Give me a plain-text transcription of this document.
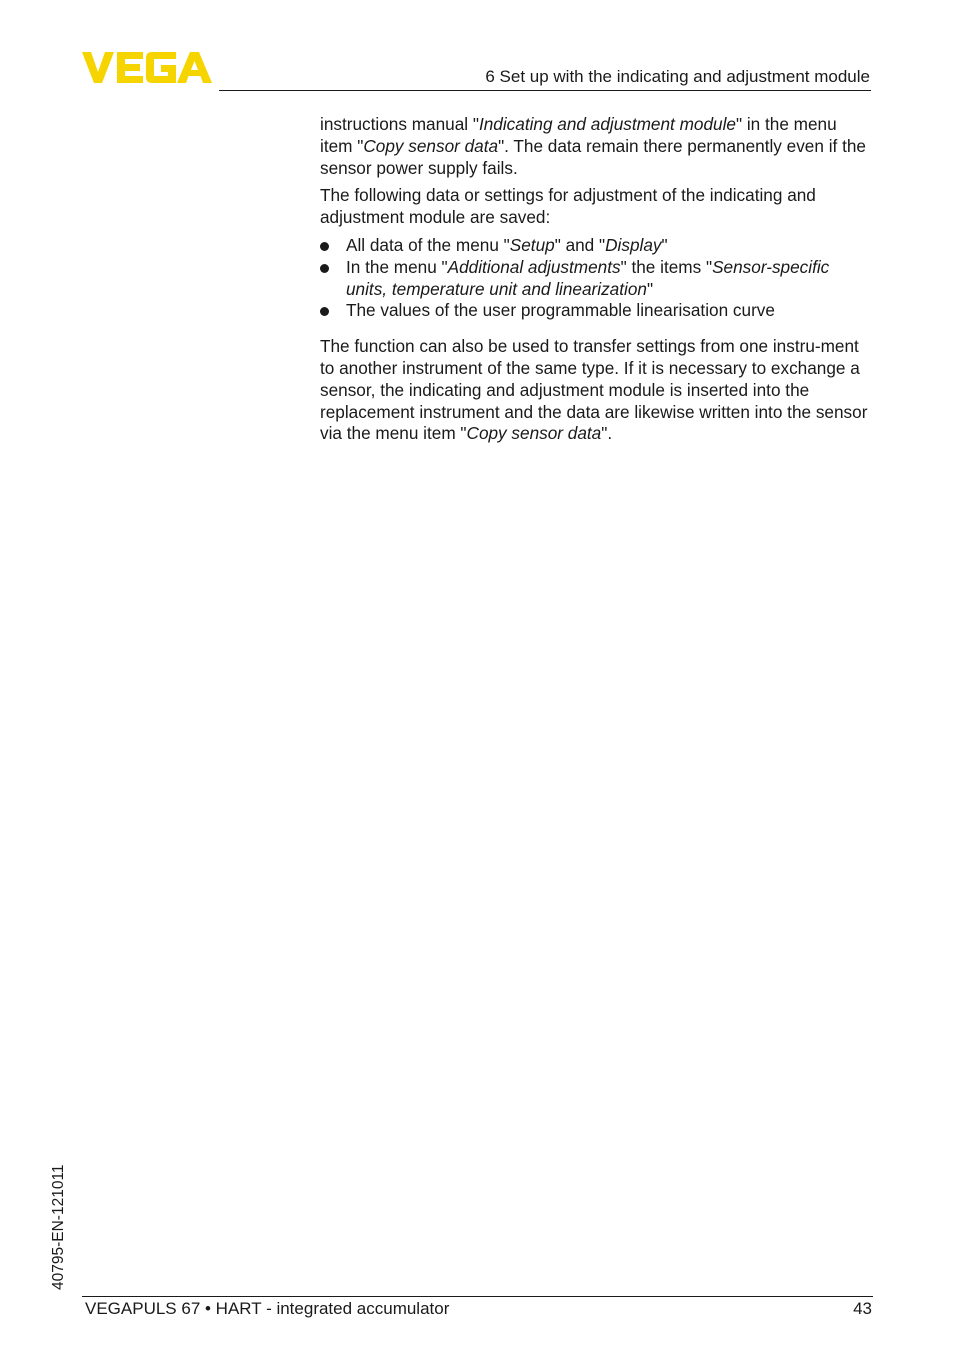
6 Set up with the indicating and adjustment module

instructions manual "Indicating and adjustment module" in the menu item "Copy sensor data". The data remain there permanently even if the sensor power supply fails.

The following data or settings for adjustment of the indicating and adjustment module are saved:

All data of the menu "Setup" and "Display"
In the menu "Additional adjustments" the items "Sensor-specific units, temperature unit and linearization"
The values of the user programmable linearisation curve

The function can also be used to transfer settings from one instru-ment to another instrument of the same type. If it is necessary to exchange a sensor, the indicating and adjustment module is inserted into the replacement instrument and the data are likewise written into the sensor via the menu item "Copy sensor data".

40795-EN-121011
VEGAPULS 67 • HART - integrated accumulator	43
